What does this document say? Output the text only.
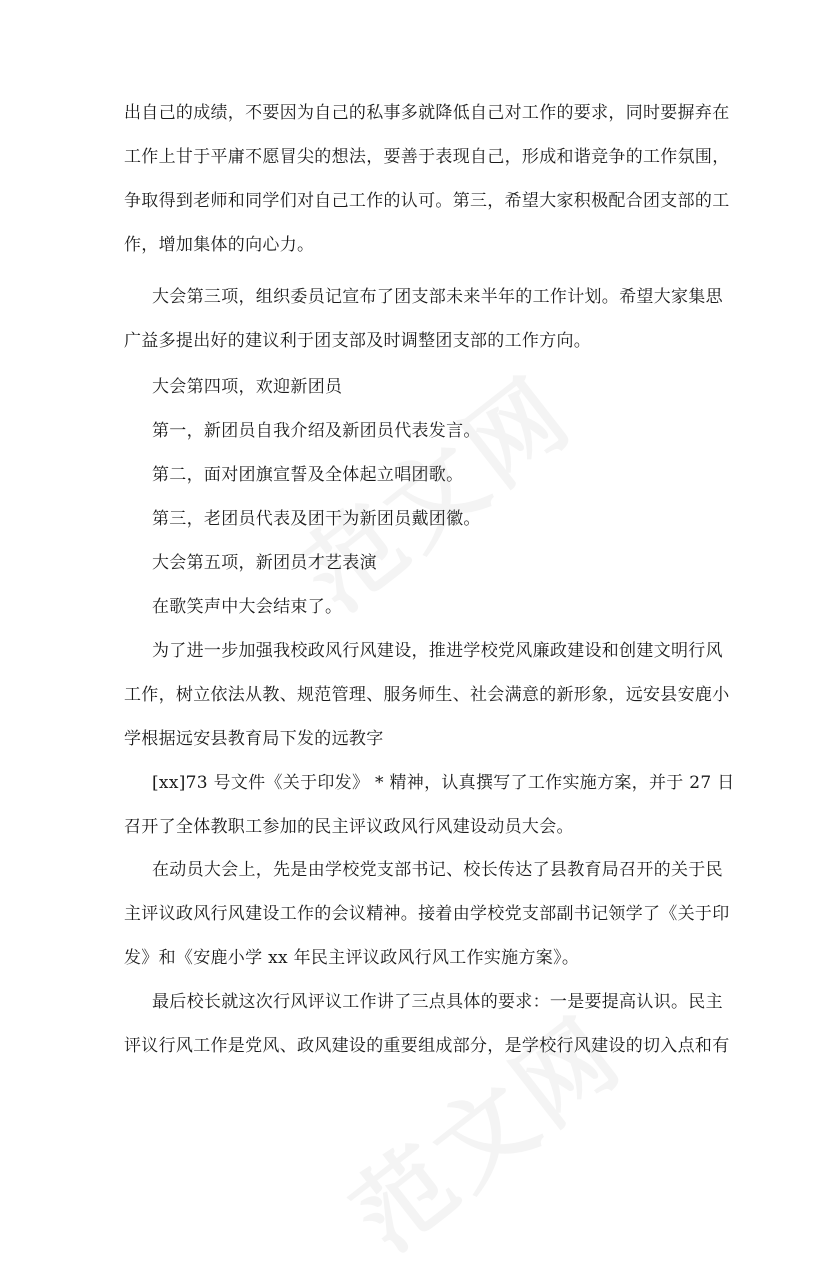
出自己的成绩，不要因为自己的私事多就降低自己对工作的要求，同时要摒弃在
工作上甘于平庸不愿冒尖的想法，要善于表现自己，形成和谐竞争的工作氛围，
争取得到老师和同学们对自己工作的认可。第三，希望大家积极配合团支部的工
作，增加集体的向心力。

大会第三项，组织委员记宣布了团支部未来半年的工作计划。希望大家集思
广益多提出好的建议利于团支部及时调整团支部的工作方向。

大会第四项，欢迎新团员

第一，新团员自我介绍及新团员代表发言。

第二，面对团旗宣誓及全体起立唱团歌。

第三，老团员代表及团干为新团员戴团徽。

大会第五项，新团员才艺表演

在歌笑声中大会结束了。

为了进一步加强我校政风行风建设，推进学校党风廉政建设和创建文明行风
工作，树立依法从教、规范管理、服务师生、社会满意的新形象，远安县安鹿小
学根据远安县教育局下发的远教字

[xx]73 号文件《关于印发》 * 精神，认真撰写了工作实施方案，并于 27 日
召开了全体教职工参加的民主评议政风行风建设动员大会。

在动员大会上，先是由学校党支部书记、校长传达了县教育局召开的关于民
主评议政风行风建设工作的会议精神。接着由学校党支部副书记领学了《关于印
发》和《安鹿小学 xx 年民主评议政风行风工作实施方案》。

最后校长就这次行风评议工作讲了三点具体的要求：一是要提高认识。民主
评议行风工作是党风、政风建设的重要组成部分，是学校行风建设的切入点和有
